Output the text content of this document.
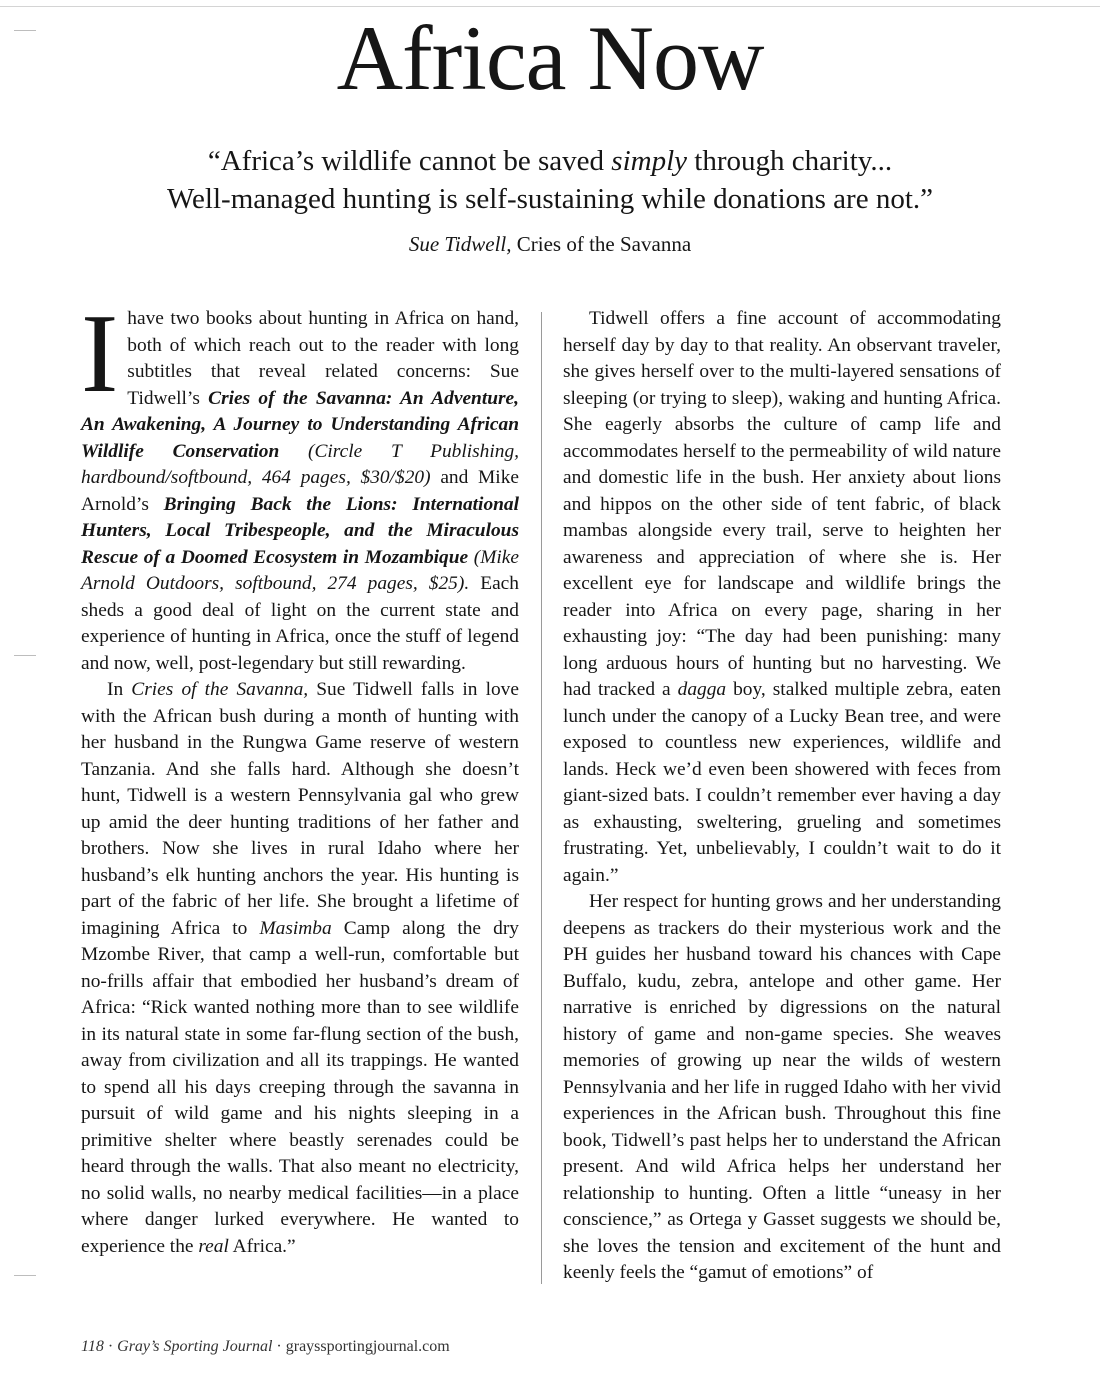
Africa Now
“Africa’s wildlife cannot be saved simply through charity...
Well-managed hunting is self-sustaining while donations are not.”
Sue Tidwell, Cries of the Savanna

I have two books about hunting in Africa on hand, both of which reach out to the reader with long subtitles that reveal related concerns: Sue Tidwell’s Cries of the Savanna: An Adventure, An Awakening, A Journey to Understanding African Wildlife Conservation (Circle T Publishing, hardbound/softbound, 464 pages, $30/$20) and Mike Arnold’s Bringing Back the Lions: International Hunters, Local Tribespeople, and the Miraculous Rescue of a Doomed Ecosystem in Mozambique (Mike Arnold Outdoors, softbound, 274 pages, $25). Each sheds a good deal of light on the current state and experience of hunting in Africa, once the stuff of legend and now, well, post-legendary but still rewarding.

In Cries of the Savanna, Sue Tidwell falls in love with the African bush during a month of hunting with her husband in the Rungwa Game reserve of western Tanzania. And she falls hard. Although she doesn’t hunt, Tidwell is a western Pennsylvania gal who grew up amid the deer hunting traditions of her father and brothers. Now she lives in rural Idaho where her husband’s elk hunting anchors the year. His hunting is part of the fabric of her life. She brought a lifetime of imagining Africa to Masimba Camp along the dry Mzombe River, that camp a well-run, comfortable but no-frills affair that embodied her husband’s dream of Africa: “Rick wanted nothing more than to see wildlife in its natural state in some far-flung section of the bush, away from civilization and all its trappings. He wanted to spend all his days creeping through the savanna in pursuit of wild game and his nights sleeping in a primitive shelter where beastly serenades could be heard through the walls. That also meant no electricity, no solid walls, no nearby medical facilities—in a place where danger lurked everywhere. He wanted to experience the real Africa.”

Tidwell offers a fine account of accommodating herself day by day to that reality. An observant traveler, she gives herself over to the multi-layered sensations of sleeping (or trying to sleep), waking and hunting Africa. She eagerly absorbs the culture of camp life and accommodates herself to the permeability of wild nature and domestic life in the bush. Her anxiety about lions and hippos on the other side of tent fabric, of black mambas alongside every trail, serve to heighten her awareness and appreciation of where she is. Her excellent eye for landscape and wildlife brings the reader into Africa on every page, sharing in her exhausting joy: “The day had been punishing: many long arduous hours of hunting but no harvesting. We had tracked a dagga boy, stalked multiple zebra, eaten lunch under the canopy of a Lucky Bean tree, and were exposed to countless new experiences, wildlife and lands. Heck we’d even been showered with feces from giant-sized bats. I couldn’t remember ever having a day as exhausting, sweltering, grueling and sometimes frustrating. Yet, unbelievably, I couldn’t wait to do it again.”

Her respect for hunting grows and her understanding deepens as trackers do their mysterious work and the PH guides her husband toward his chances with Cape Buffalo, kudu, zebra, antelope and other game. Her narrative is enriched by digressions on the natural history of game and non-game species. She weaves memories of growing up near the wilds of western Pennsylvania and her life in rugged Idaho with her vivid experiences in the African bush. Throughout this fine book, Tidwell’s past helps her to understand the African present. And wild Africa helps her understand her relationship to hunting. Often a little “uneasy in her conscience,” as Ortega y Gasset suggests we should be, she loves the tension and excitement of the hunt and keenly feels the “gamut of emotions” of

118 · Gray’s Sporting Journal · grayssportingjournal.com
